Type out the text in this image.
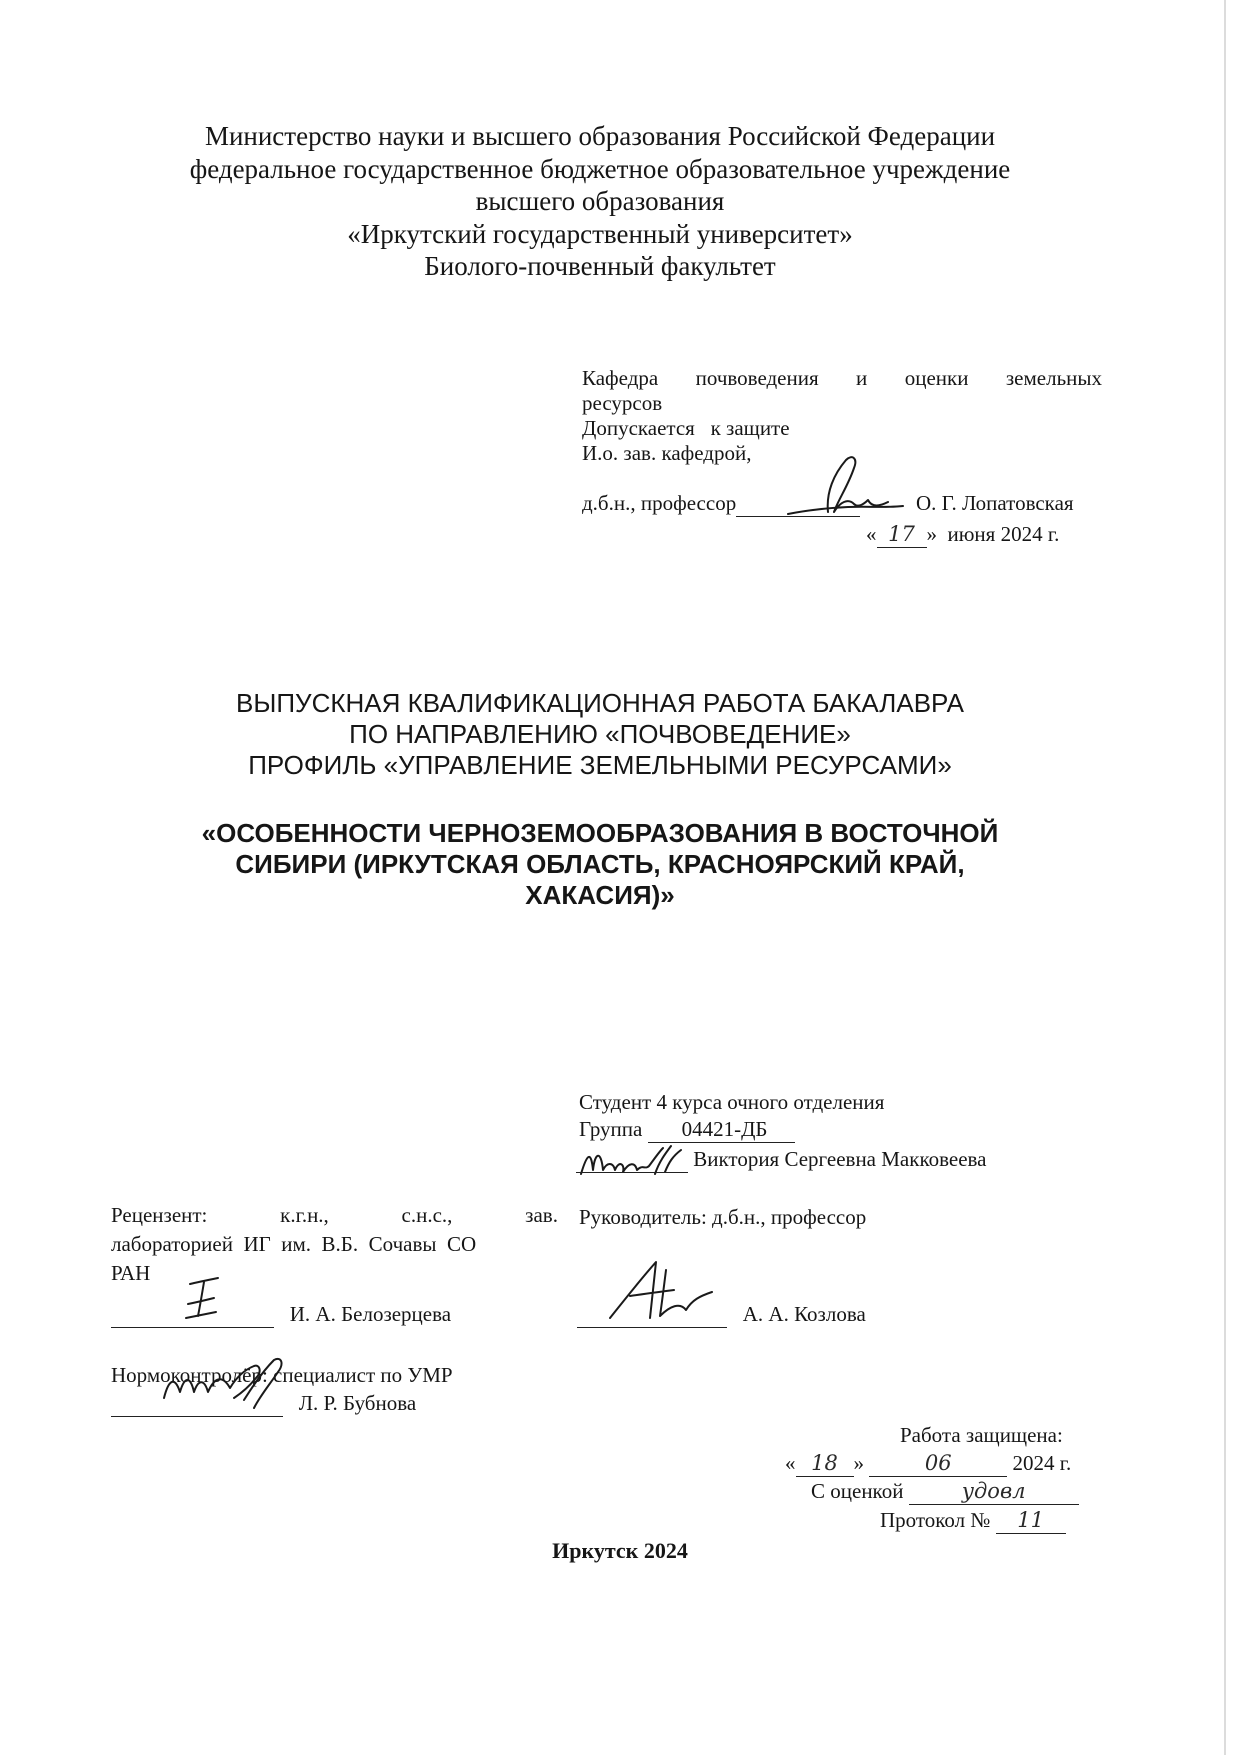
Министерство науки и высшего образования Российской Федерации
федеральное государственное бюджетное образовательное учреждение
высшего образования
«Иркутский государственный университет»
Биолого-почвенный факультет
Кафедра почвоведения и оценки земельных
ресурсов
Допускается   к защите
И.о. зав. кафедрой,
д.б.н., профессор	О. Г. Лопатовская
« 17 » июня 2024 г.
ВЫПУСКНАЯ КВАЛИФИКАЦИОННАЯ РАБОТА БАКАЛАВРА
ПО НАПРАВЛЕНИЮ «ПОЧВОВЕДЕНИЕ»
ПРОФИЛЬ «УПРАВЛЕНИЕ ЗЕМЕЛЬНЫМИ РЕСУРСАМИ»
«ОСОБЕННОСТИ ЧЕРНОЗЕМООБРАЗОВАНИЯ В ВОСТОЧНОЙ
СИБИРИ (ИРКУТСКАЯ ОБЛАСТЬ, КРАСНОЯРСКИЙ КРАЙ,
ХАКАСИЯ)»
Студент 4 курса очного отделения
Группа 04421-ДБ
Виктория Сергеевна Макковеева
Рецензент:	к.г.н.,	с.н.с.,	зав.
лабораторией  ИГ  им.  В.Б.  Сочавы  СО
РАН
И. А. Белозерцева
Руководитель: д.б.н., профессор
А. А. Козлова
Нормоконтролёр: специалист по УМР
Л. Р. Бубнова
Работа защищена:
« 18 »	06	2024 г.
С оценкой	удовл
Протокол № 11
Иркутск 2024
